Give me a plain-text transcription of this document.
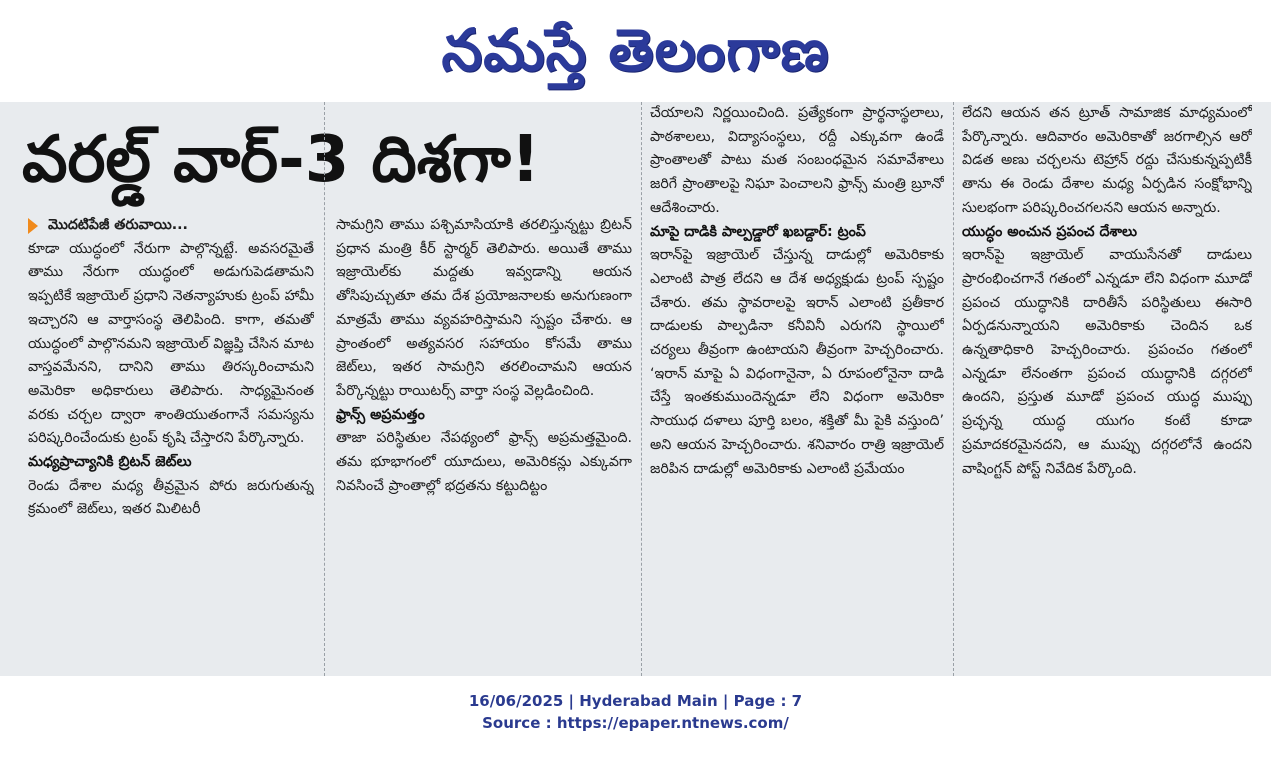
నమస్తే తెలంగాణ
వరల్డ్ వార్-3 దిశగా!
మొదటిపేజీ తరువాయి...

కూడా యుద్ధంలో నేరుగా పాల్గొన్నట్టే. అవసరమైతే తాము నేరుగా యుద్ధంలో అడుగుపెడతామని ఇప్పటికే ఇజ్రాయెల్ ప్రధాని నెతన్యాహుకు ట్రంప్ హామీ ఇచ్చారని ఆ వార్తాసంస్థ తెలిపింది. కాగా, తమతో యుద్ధంలో పాల్గొనమని ఇజ్రాయెల్ విజ్ఞప్తి చేసిన మాట వాస్తవమేనని, దానిని తాము తిరస్కరించామని అమెరికా అధికారులు తెలిపారు. సాధ్యమైనంత వరకు చర్చల ద్వారా శాంతియుతంగానే సమస్యను పరిష్కరించేందుకు ట్రంప్ కృషి చేస్తారని పేర్కొన్నారు.

మధ్యప్రాచ్యానికి బ్రిటన్ జెట్‌లు

రెండు దేశాల మధ్య తీవ్రమైన పోరు జరుగుతున్న క్రమంలో జెట్‌లు, ఇతర మిలిటరీ

సామగ్రిని తాము పశ్చిమాసియాకి తరలిస్తున్నట్టు బ్రిటన్ ప్రధాన మంత్రి కీర్ స్టార్మర్ తెలిపారు. అయితే తాము ఇజ్రాయెల్‌కు మద్దతు ఇవ్వడాన్ని ఆయన తోసిపుచ్చుతూ తమ దేశ ప్రయోజనాలకు అనుగుణంగా మాత్రమే తాము వ్యవహరిస్తామని స్పష్టం చేశారు. ఆ ప్రాంతంలో అత్యవసర సహాయం కోసమే తాము జెట్‌లు, ఇతర సామగ్రిని తరలించామని ఆయన పేర్కొన్నట్టు రాయిటర్స్ వార్తా సంస్థ వెల్లడించింది.

ఫ్రాన్స్ అప్రమత్తం

తాజా పరిస్థితుల నేపథ్యంలో ఫ్రాన్స్ అప్రమత్తమైంది. తమ భూభాగంలో యూదులు, అమెరికన్లు ఎక్కువగా నివసించే ప్రాంతాల్లో భద్రతను కట్టుదిట్టం

చేయాలని నిర్ణయించింది. ప్రత్యేకంగా ప్రార్థనాస్థలాలు, పాఠశాలలు, విద్యాసంస్థలు, రద్దీ ఎక్కువగా ఉండే ప్రాంతాలతో పాటు మత సంబంధమైన సమావేశాలు జరిగే ప్రాంతాలపై నిఘా పెంచాలని ఫ్రాన్స్ మంత్రి బ్రూనో ఆదేశించారు.

మాపై దాడికి పాల్పడ్డారో ఖబడ్దార్: ట్రంప్

ఇరాన్‌పై ఇజ్రాయెల్ చేస్తున్న దాడుల్లో అమెరికాకు ఎలాంటి పాత్ర లేదని ఆ దేశ అధ్యక్షుడు ట్రంప్ స్పష్టం చేశారు. తమ స్థావరాలపై ఇరాన్ ఎలాంటి ప్రతీకార దాడులకు పాల్పడినా కనీవినీ ఎరుగని స్థాయిలో చర్యలు తీవ్రంగా ఉంటాయని తీవ్రంగా హెచ్చరించారు. ‘ఇరాన్ మాపై ఏ విధంగానైనా, ఏ రూపంలోనైనా దాడి చేస్తే ఇంతకుముందెన్నడూ లేని విధంగా అమెరికా సాయుధ దళాలు పూర్తి బలం, శక్తితో మీ పైకి వస్తుంది’ అని ఆయన హెచ్చరించారు. శనివారం రాత్రి ఇజ్రాయెల్ జరిపిన దాడుల్లో అమెరికాకు ఎలాంటి ప్రమేయం

లేదని ఆయన తన ట్రూత్ సామాజిక మాధ్యమంలో పేర్కొన్నారు. ఆదివారం అమెరికాతో జరగాల్సిన ఆరో విడత అణు చర్చలను టెహ్రాన్ రద్దు చేసుకున్నప్పటికీ తాను ఈ రెండు దేశాల మధ్య ఏర్పడిన సంక్షోభాన్ని సులభంగా పరిష్కరించగలనని ఆయన అన్నారు.

యుద్ధం అంచున ప్రపంచ దేశాలు

ఇరాన్‌పై ఇజ్రాయెల్ వాయుసేనతో దాడులు ప్రారంభించగానే గతంలో ఎన్నడూ లేని విధంగా మూడో ప్రపంచ యుద్ధానికి దారితీసే పరిస్థితులు ఈసారి ఏర్పడనున్నాయని అమెరికాకు చెందిన ఒక ఉన్నతాధికారి హెచ్చరించారు. ప్రపంచం గతంలో ఎన్నడూ లేనంతగా ప్రపంచ యుద్ధానికి దగ్గరలో ఉందని, ప్రస్తుత మూడో ప్రపంచ యుద్ధ ముప్పు ప్రచ్ఛన్న యుద్ధ యుగం కంటే కూడా ప్రమాదకరమైనదని, ఆ ముప్పు దగ్గరలోనే ఉందని వాషింగ్టన్ పోస్ట్ నివేదిక పేర్కొంది.

16/06/2025 | Hyderabad Main | Page : 7
Source : https://epaper.ntnews.com/
